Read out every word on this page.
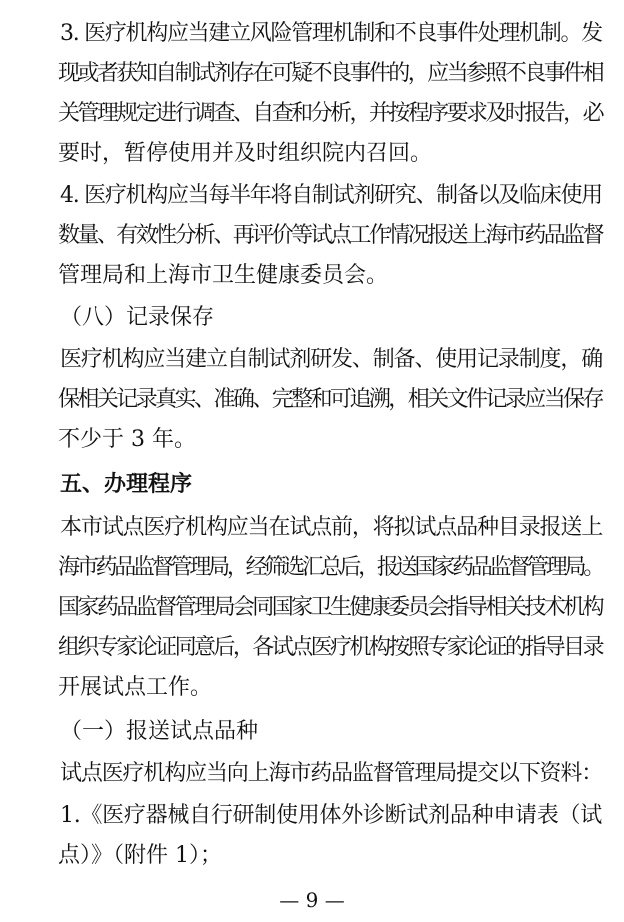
3. 医疗机构应当建立风险管理机制和不良事件处理机制。发
现或者获知自制试剂存在可疑不良事件的，应当参照不良事件相
关管理规定进行调查、自查和分析，并按程序要求及时报告，必
要时，暂停使用并及时组织院内召回。
4. 医疗机构应当每半年将自制试剂研究、制备以及临床使用
数量、有效性分析、再评价等试点工作情况报送上海市药品监督
管理局和上海市卫生健康委员会。
（八）记录保存
医疗机构应当建立自制试剂研发、制备、使用记录制度，确
保相关记录真实、准确、完整和可追溯，相关文件记录应当保存
不少于 3 年。
五、办理程序
本市试点医疗机构应当在试点前，将拟试点品种目录报送上
海市药品监督管理局，经筛选汇总后，报送国家药品监督管理局。
国家药品监督管理局会同国家卫生健康委员会指导相关技术机构
组织专家论证同意后，各试点医疗机构按照专家论证的指导目录
开展试点工作。
（一）报送试点品种
试点医疗机构应当向上海市药品监督管理局提交以下资料：
1.《医疗器械自行研制使用体外诊断试剂品种申请表（试
点）》（附件 1）；
— 9 —
